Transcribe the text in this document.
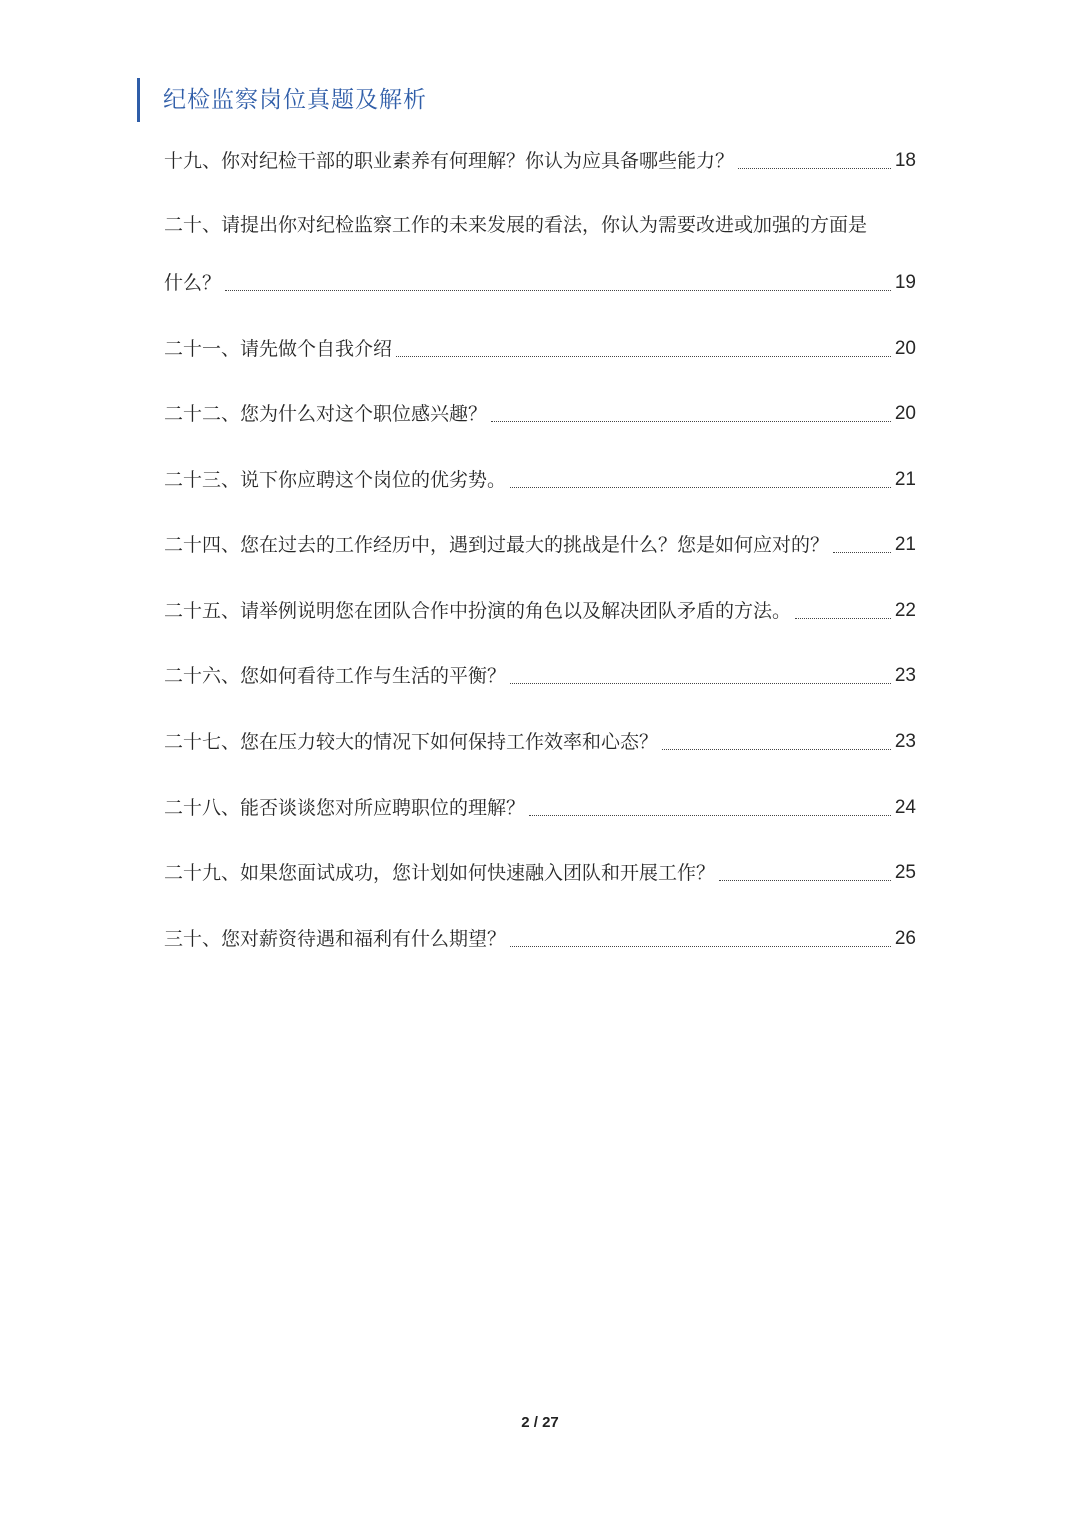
纪检监察岗位真题及解析
十九、你对纪检干部的职业素养有何理解？你认为应具备哪些能力？	18
二十、请提出你对纪检监察工作的未来发展的看法，你认为需要改进或加强的方面是
什么？	19
二十一、请先做个自我介绍	20
二十二、您为什么对这个职位感兴趣？	20
二十三、说下你应聘这个岗位的优劣势。	21
二十四、您在过去的工作经历中，遇到过最大的挑战是什么？您是如何应对的？	21
二十五、请举例说明您在团队合作中扮演的角色以及解决团队矛盾的方法。	22
二十六、您如何看待工作与生活的平衡？	23
二十七、您在压力较大的情况下如何保持工作效率和心态？	23
二十八、能否谈谈您对所应聘职位的理解？	24
二十九、如果您面试成功，您计划如何快速融入团队和开展工作？	25
三十、您对薪资待遇和福利有什么期望？	26
2 / 27
